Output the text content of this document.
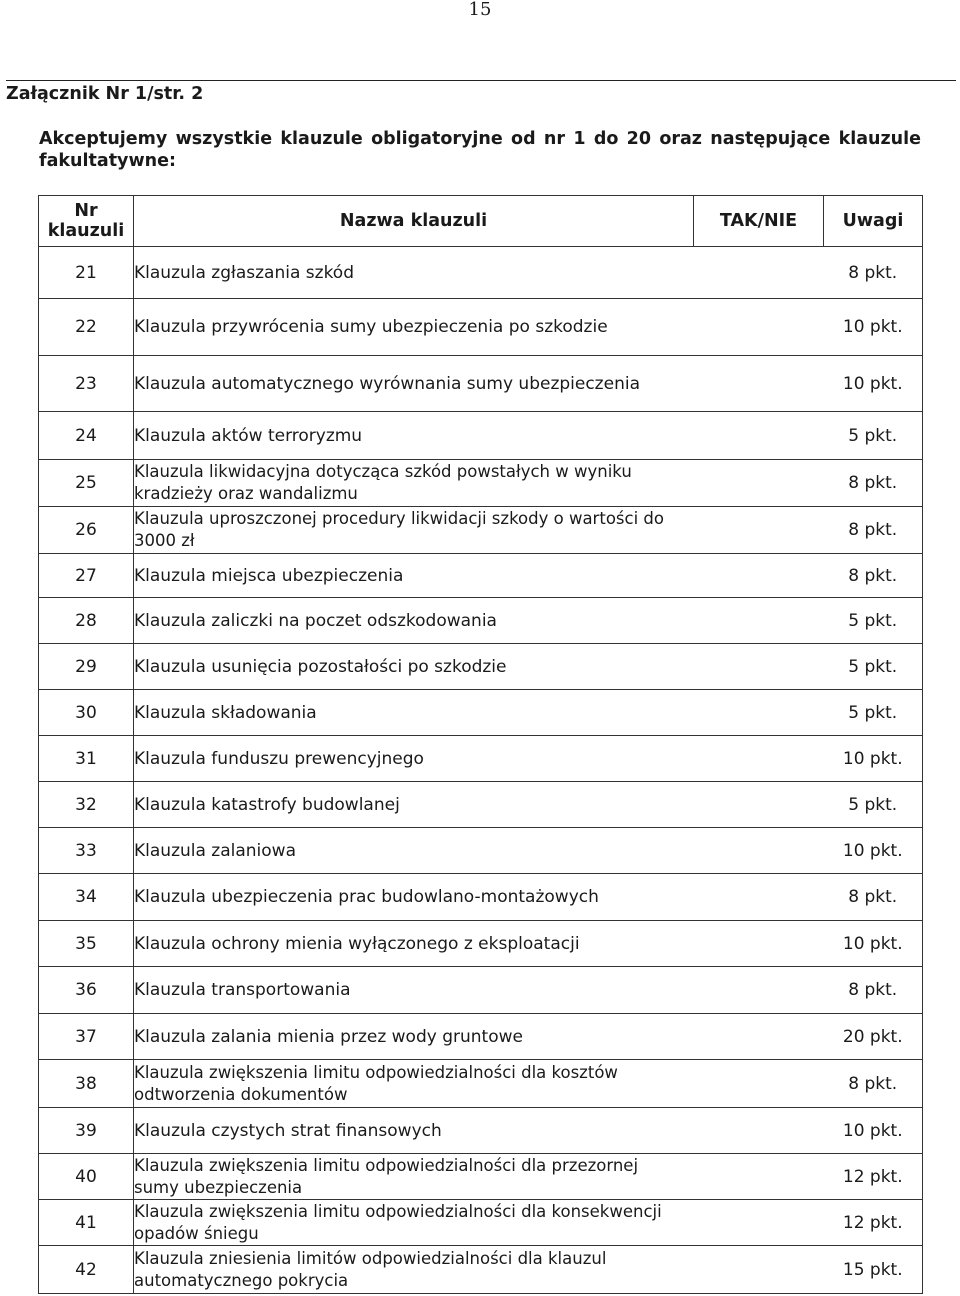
15
Załącznik Nr 1/str. 2
Akceptujemy wszystkie klauzule obligatoryjne od nr 1 do 20 oraz następujące klauzule
fakultatywne:
Nr klauzuli	Nazwa klauzuli	TAK/NIE	Uwagi
21	Klauzula zgłaszania szkód		8 pkt.
22	Klauzula przywrócenia sumy ubezpieczenia po szkodzie		10 pkt.
23	Klauzula automatycznego wyrównania sumy ubezpieczenia		10 pkt.
24	Klauzula aktów terroryzmu		5 pkt.
25	Klauzula likwidacyjna dotycząca szkód powstałych w wyniku kradzieży oraz wandalizmu		8 pkt.
26	Klauzula uproszczonej procedury likwidacji szkody o wartości do 3000 zł		8 pkt.
27	Klauzula miejsca ubezpieczenia		8 pkt.
28	Klauzula zaliczki na poczet odszkodowania		5 pkt.
29	Klauzula usunięcia pozostałości po szkodzie		5 pkt.
30	Klauzula składowania		5 pkt.
31	Klauzula funduszu prewencyjnego		10 pkt.
32	Klauzula katastrofy budowlanej		5 pkt.
33	Klauzula zalaniowa		10 pkt.
34	Klauzula ubezpieczenia prac budowlano-montażowych		8 pkt.
35	Klauzula ochrony mienia wyłączonego z eksploatacji		10 pkt.
36	Klauzula transportowania		8 pkt.
37	Klauzula zalania mienia przez wody gruntowe		20 pkt.
38	Klauzula zwiększenia limitu odpowiedzialności dla kosztów odtworzenia dokumentów		8 pkt.
39	Klauzula czystych strat finansowych		10 pkt.
40	Klauzula zwiększenia limitu odpowiedzialności dla przezornej sumy ubezpieczenia		12 pkt.
41	Klauzula zwiększenia limitu odpowiedzialności dla konsekwencji opadów śniegu		12 pkt.
42	Klauzula zniesienia limitów odpowiedzialności dla klauzul automatycznego pokrycia		15 pkt.
